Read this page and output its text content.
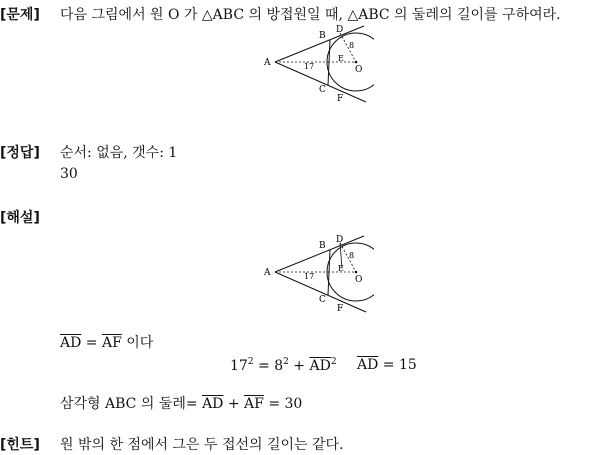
[문제] 다음 그림에서 원 O 가 △ABC 의 방접원일 때, △ABC 의 둘레의 길이를 구하여라.
A
B
C
D
E
F
O
17
8
[정답] 순서: 없음, 갯수: 1
30
[해설]
A
B
C
D
E
F
O
17
8
$\overline{AD} = \overline{AF}$ 이다
$17^2 = 8^2 + \overline{AD}^2$ $\overline{AD} = 15$
삼각형 ABC 의 둘레= $\overline{AD} + \overline{AF} = 30$
[힌트] 원 밖의 한 점에서 그은 두 접선의 길이는 같다.
